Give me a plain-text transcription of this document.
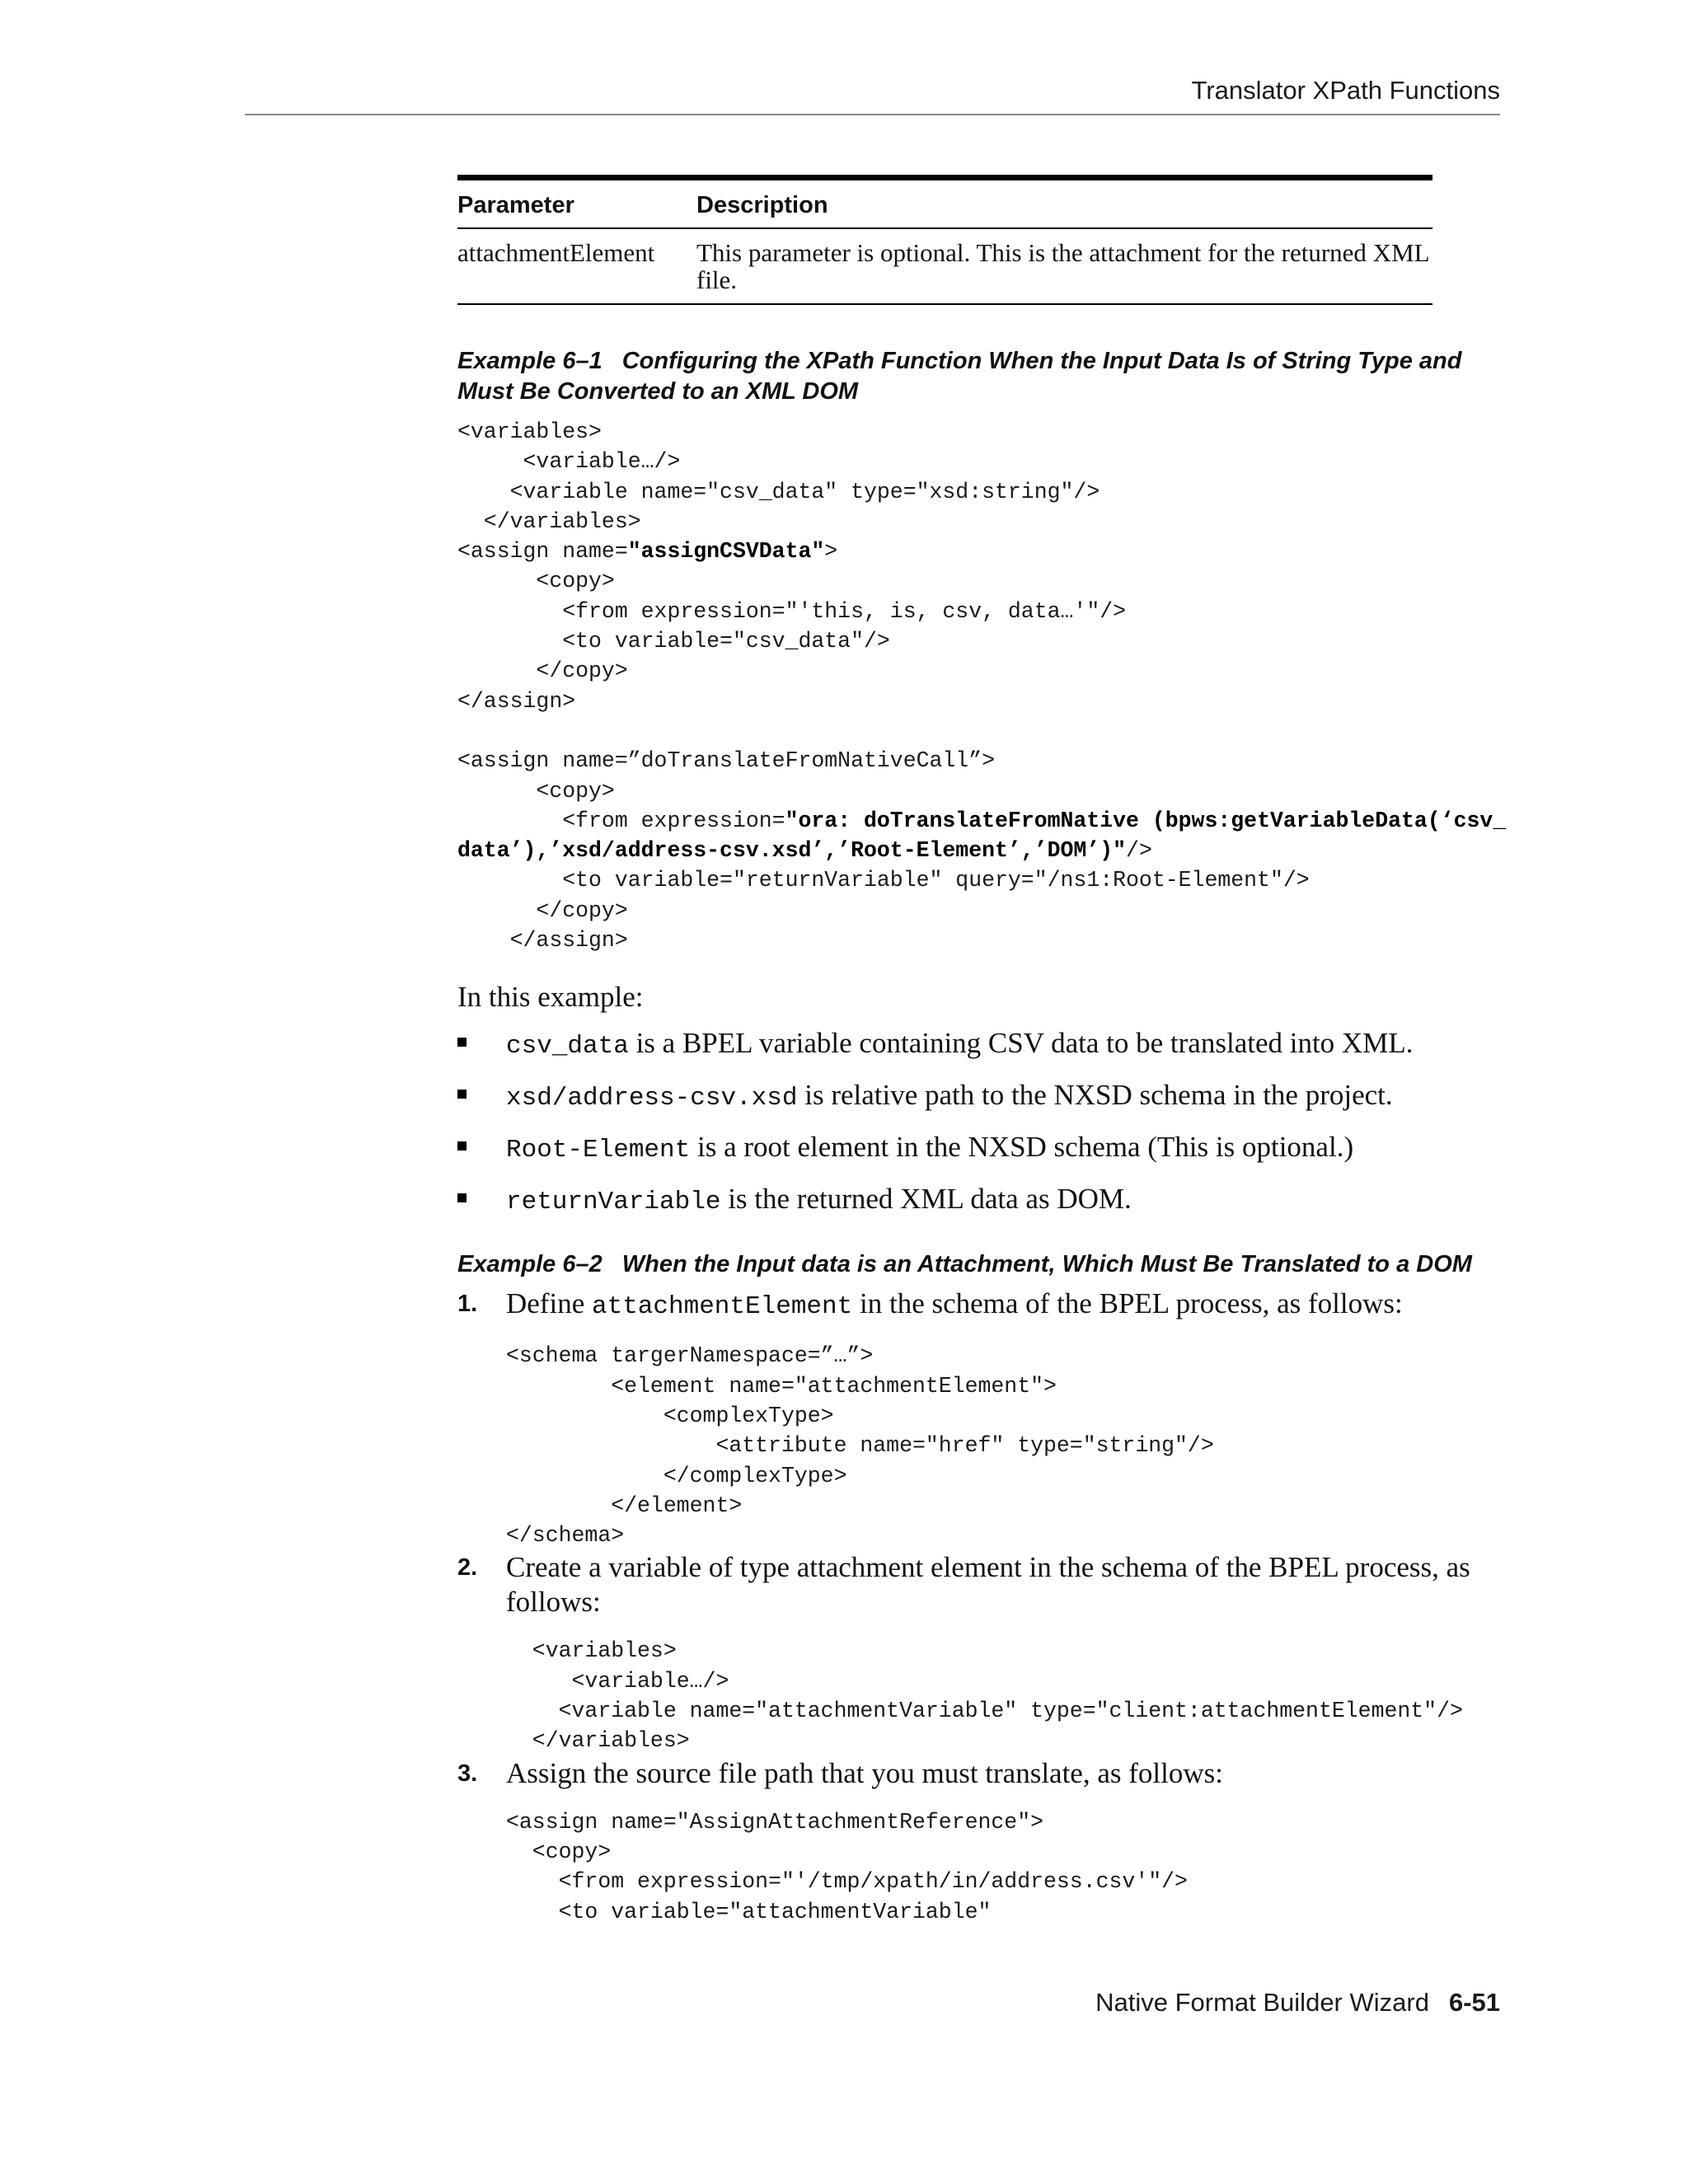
Translator XPath Functions
Parameter	Description
attachmentElement	This parameter is optional. This is the attachment for the returned XML file.
Example 6–1 Configuring the XPath Function When the Input Data Is of String Type and Must Be Converted to an XML DOM
<variables>
<variable…/>
<variable name="csv_data" type="xsd:string"/>
</variables>
<assign name="assignCSVData">
<copy>
<from expression="'this, is, csv, data…'"/>
<to variable="csv_data"/>
</copy>
</assign>

<assign name=”doTranslateFromNativeCall”>
<copy>
<from expression="ora: doTranslateFromNative (bpws:getVariableData(‘csv_
data’),’xsd/address-csv.xsd’,’Root-Element’,’DOM’)"/>
<to variable="returnVariable" query="/ns1:Root-Element"/>
</copy>
</assign>
In this example:
csv_data is a BPEL variable containing CSV data to be translated into XML.
xsd/address-csv.xsd is relative path to the NXSD schema in the project.
Root-Element is a root element in the NXSD schema (This is optional.)
returnVariable is the returned XML data as DOM.
Example 6–2 When the Input data is an Attachment, Which Must Be Translated to a DOM
1. Define attachmentElement in the schema of the BPEL process, as follows:
<schema targerNamespace=”…”>
<element name="attachmentElement">
<complexType>
<attribute name="href" type="string"/>
</complexType>
</element>
</schema>
2. Create a variable of type attachment element in the schema of the BPEL process, as follows:
<variables>
<variable…/>
<variable name="attachmentVariable" type="client:attachmentElement"/>
</variables>
3. Assign the source file path that you must translate, as follows:
<assign name="AssignAttachmentReference">
<copy>
<from expression="'/tmp/xpath/in/address.csv'"/>
<to variable="attachmentVariable"
Native Format Builder Wizard 6-51
